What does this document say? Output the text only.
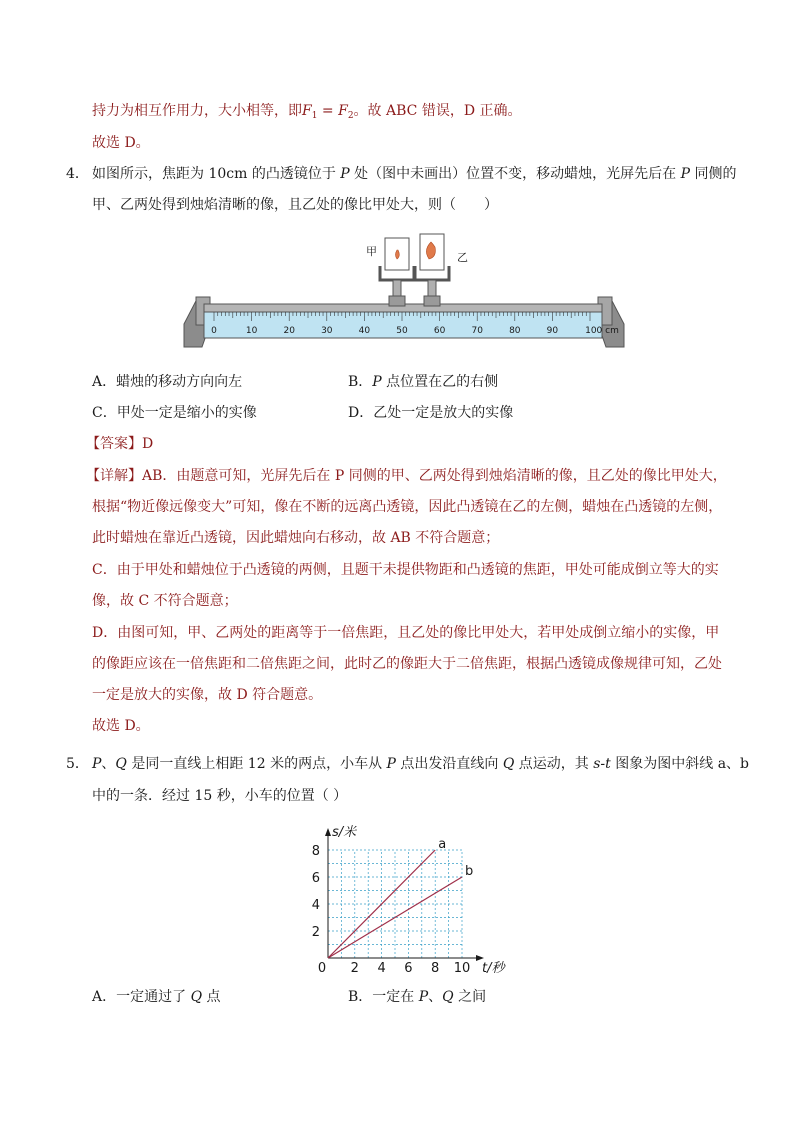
持力为相互作用力，大小相等，即$F_1 = F_2$。故 ABC 错误，D 正确。
故选 D。
4． 如图所示，焦距为 10cm 的凸透镜位于 P 处（图中未画出）位置不变，移动蜡烛，光屏先后在 P 同侧的
甲、乙两处得到烛焰清晰的像，且乙处的像比甲处大，则（　　）
0	10	20	30	40	50	60	70	80	90	100 cm
甲	乙
A．蜡烛的移动方向向左	B．P 点位置在乙的右侧
C．甲处一定是缩小的实像	D．乙处一定是放大的实像
【答案】D
【详解】AB．由题意可知，光屏先后在 P 同侧的甲、乙两处得到烛焰清晰的像，且乙处的像比甲处大，
根据“物近像远像变大”可知，像在不断的远离凸透镜，因此凸透镜在乙的左侧，蜡烛在凸透镜的左侧，
此时蜡烛在靠近凸透镜，因此蜡烛向右移动，故 AB 不符合题意；
C．由于甲处和蜡烛位于凸透镜的两侧，且题干未提供物距和凸透镜的焦距，甲处可能成倒立等大的实
像，故 C 不符合题意；
D．由图可知，甲、乙两处的距离等于一倍焦距，且乙处的像比甲处大，若甲处成倒立缩小的实像，甲
的像距应该在一倍焦距和二倍焦距之间，此时乙的像距大于二倍焦距，根据凸透镜成像规律可知，乙处
一定是放大的实像，故 D 符合题意。
故选 D。
5． P、Q 是同一直线上相距 12 米的两点，小车从 P 点出发沿直线向 Q 点运动，其 s-t 图象为图中斜线 a、b
中的一条．经过 15 秒，小车的位置（ ）
a
b
0 2 4 6 8 10
2
4
6
8
t/秒
s/米
A．一定通过了 Q 点	B．一定在 P、Q 之间
